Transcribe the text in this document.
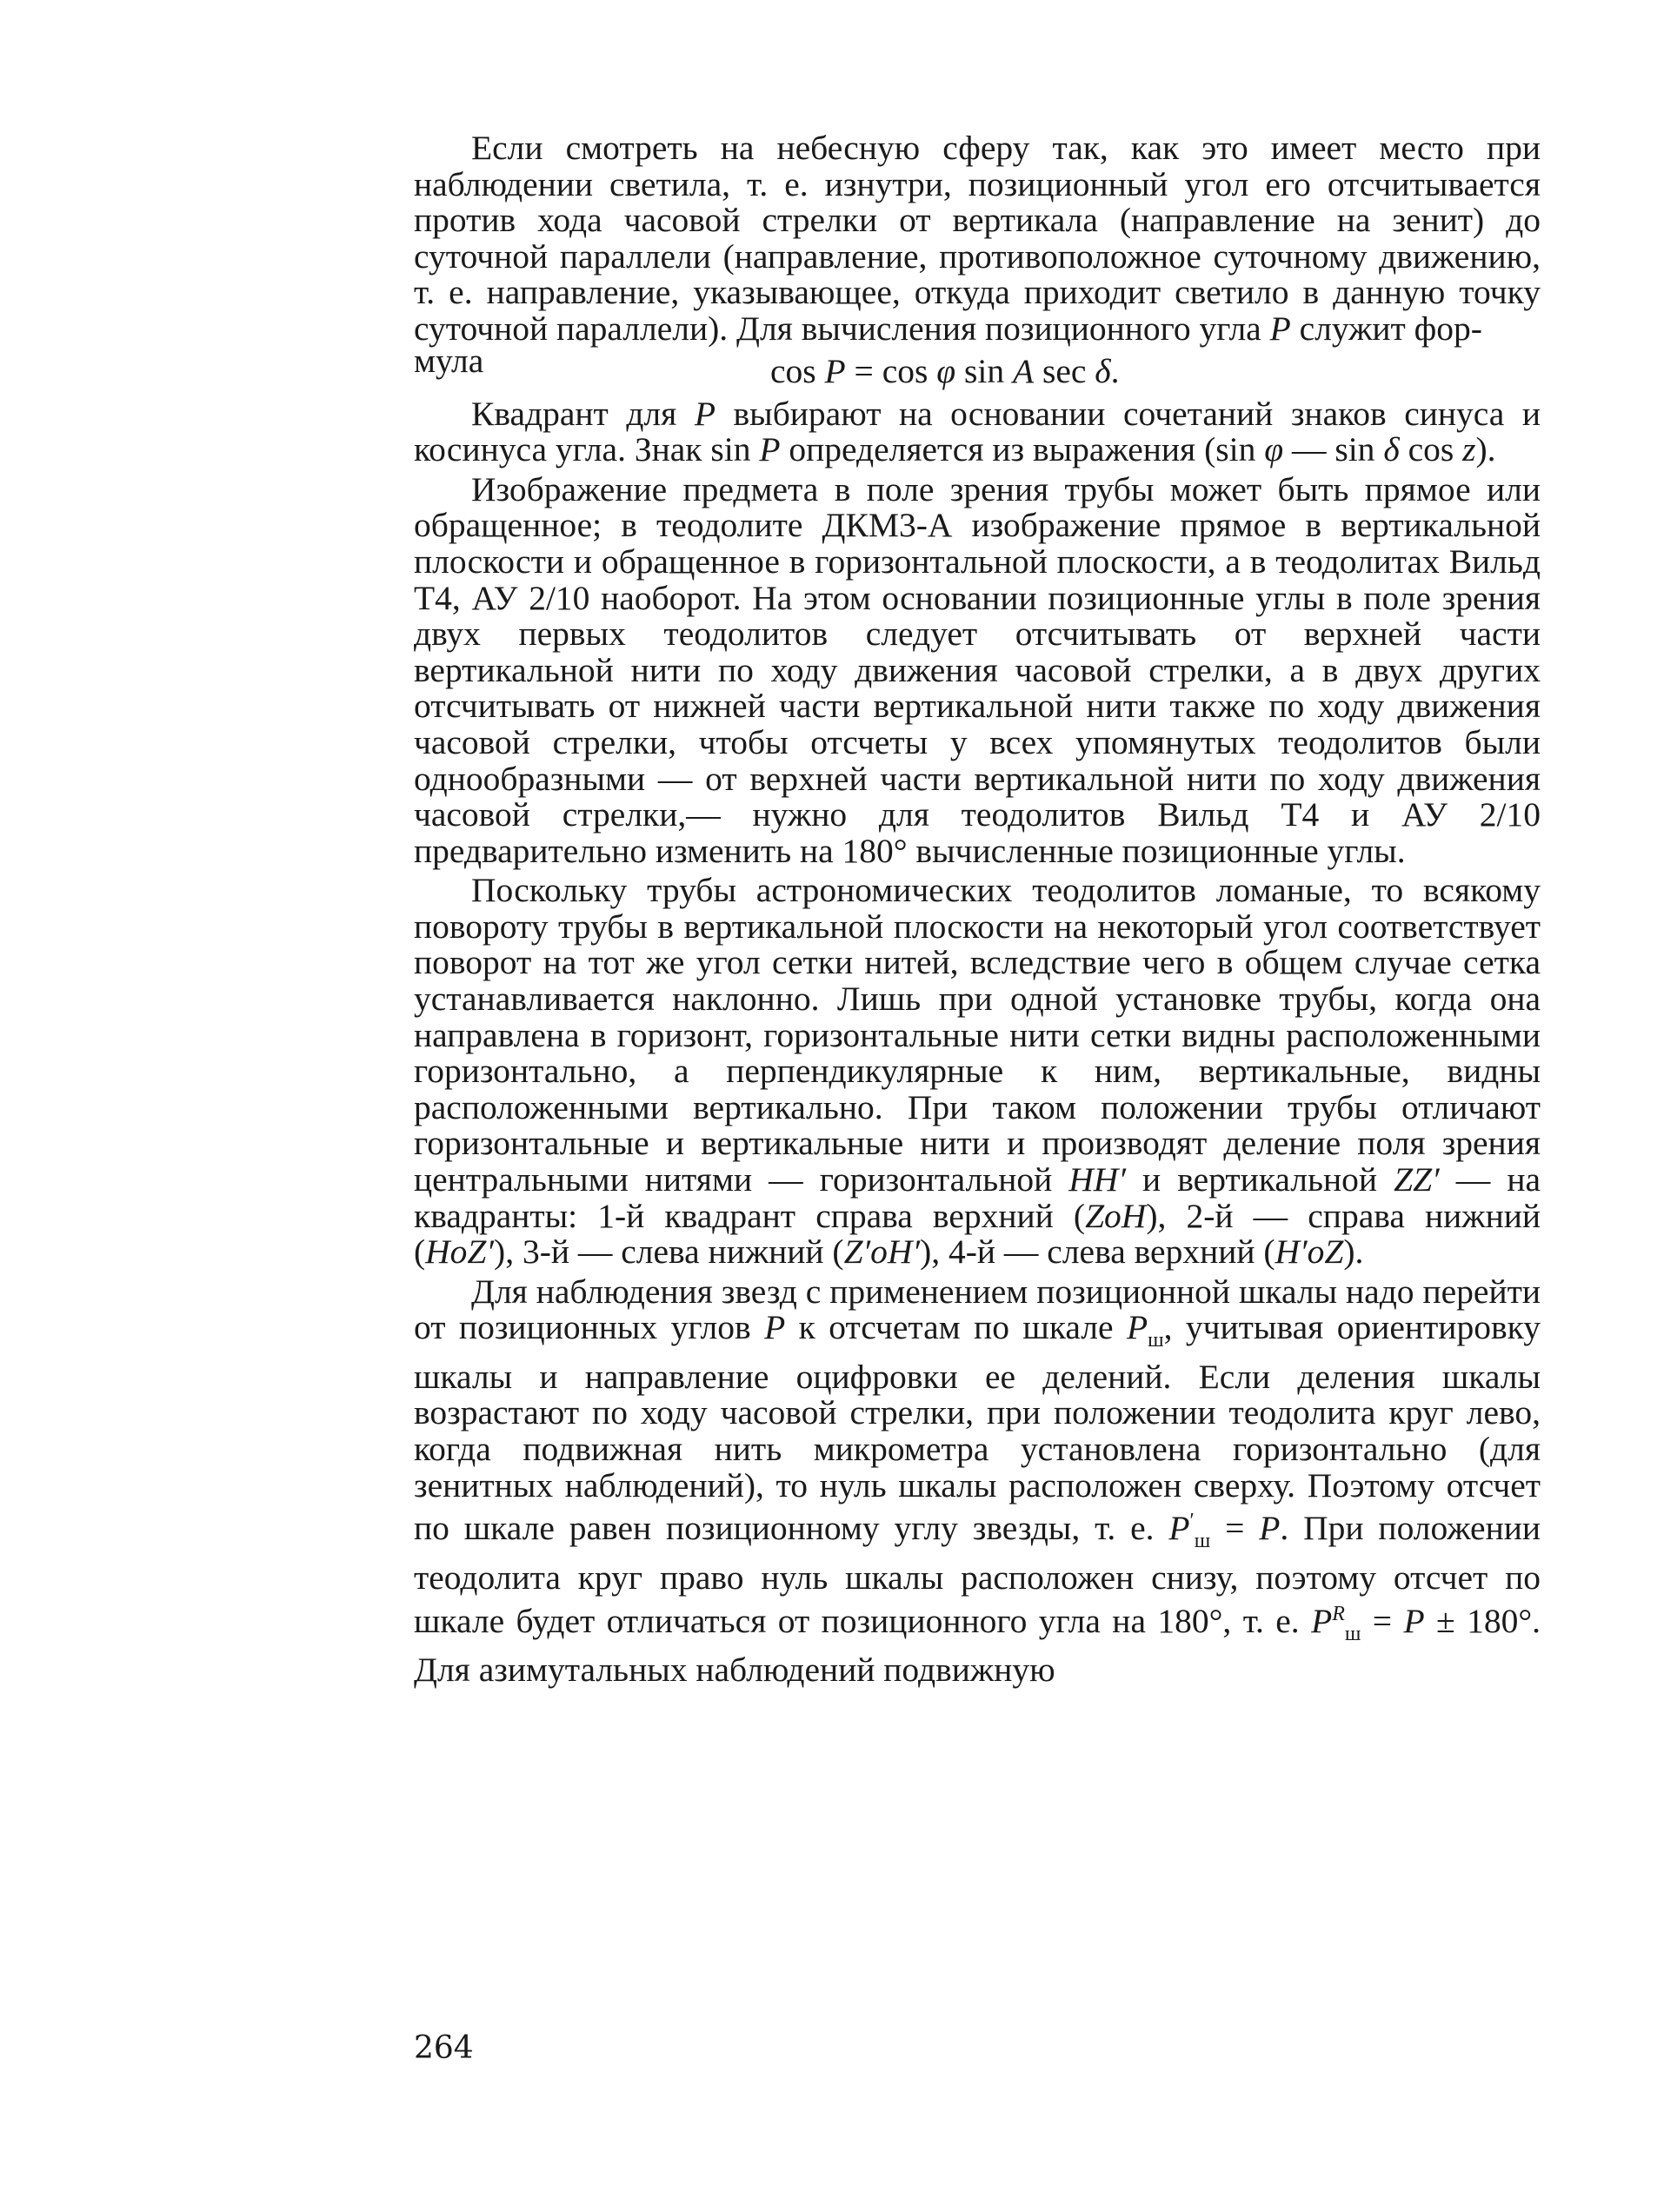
Если смотреть на небесную сферу так, как это имеет место при наблюдении светила, т. е. изнутри, позиционный угол его отсчитывается против хода часовой стрелки от вертикала (направление на зенит) до суточной параллели (направление, противоположное суточному движению, т. е. направление, указывающее, откуда приходит светило в данную точку суточной параллели). Для вычисления позиционного угла P служит фор-

мула	cos P = cos φ sin A sec δ.

Квадрант для P выбирают на основании сочетаний знаков синуса и косинуса угла. Знак sin P определяется из выражения (sin φ — sin δ cos z).

Изображение предмета в поле зрения трубы может быть прямое или обращенное; в теодолите ДКМ3-А изображение прямое в вертикальной плоскости и обращенное в горизонтальной плоскости, а в теодолитах Вильд Т4, АУ 2/10 наоборот. На этом основании позиционные углы в поле зрения двух первых теодолитов следует отсчитывать от верхней части вертикальной нити по ходу движения часовой стрелки, а в двух других отсчитывать от нижней части вертикальной нити также по ходу движения часовой стрелки, чтобы отсчеты у всех упомянутых теодолитов были однообразными — от верхней части вертикальной нити по ходу движения часовой стрелки,— нужно для теодолитов Вильд Т4 и АУ 2/10 предварительно изменить на 180° вычисленные позиционные углы.

Поскольку трубы астрономических теодолитов ломаные, то всякому повороту трубы в вертикальной плоскости на некоторый угол соответствует поворот на тот же угол сетки нитей, вследствие чего в общем случае сетка устанавливается наклонно. Лишь при одной установке трубы, когда она направлена в горизонт, горизонтальные нити сетки видны расположенными горизонтально, а перпендикулярные к ним, вертикальные, видны расположенными вертикально. При таком положении трубы отличают горизонтальные и вертикальные нити и производят деление поля зрения центральными нитями — горизонтальной HH′ и вертикальной ZZ′ — на квадранты: 1-й квадрант справа верхний (ZoH), 2-й — справа нижний (HoZ′), 3-й — слева нижний (Z′oH′), 4-й — слева верхний (H′oZ).

Для наблюдения звезд с применением позиционной шкалы надо перейти от позиционных углов P к отсчетам по шкале $P_ш$, учитывая ориентировку шкалы и направление оцифровки ее делений. Если деления шкалы возрастают по ходу часовой стрелки, при положении теодолита круг лево, когда подвижная нить микрометра установлена горизонтально (для зенитных наблюдений), то нуль шкалы расположен сверху. Поэтому отсчет по шкале равен позиционному углу звезды, т. е. $P'_ш = P$. При положении теодолита круг право нуль шкалы расположен снизу, поэтому отсчет по шкале будет отличаться от позиционного угла на 180°, т. е. $P^R_ш = P \pm 180^\circ$. Для азимутальных наблюдений подвижную

264
